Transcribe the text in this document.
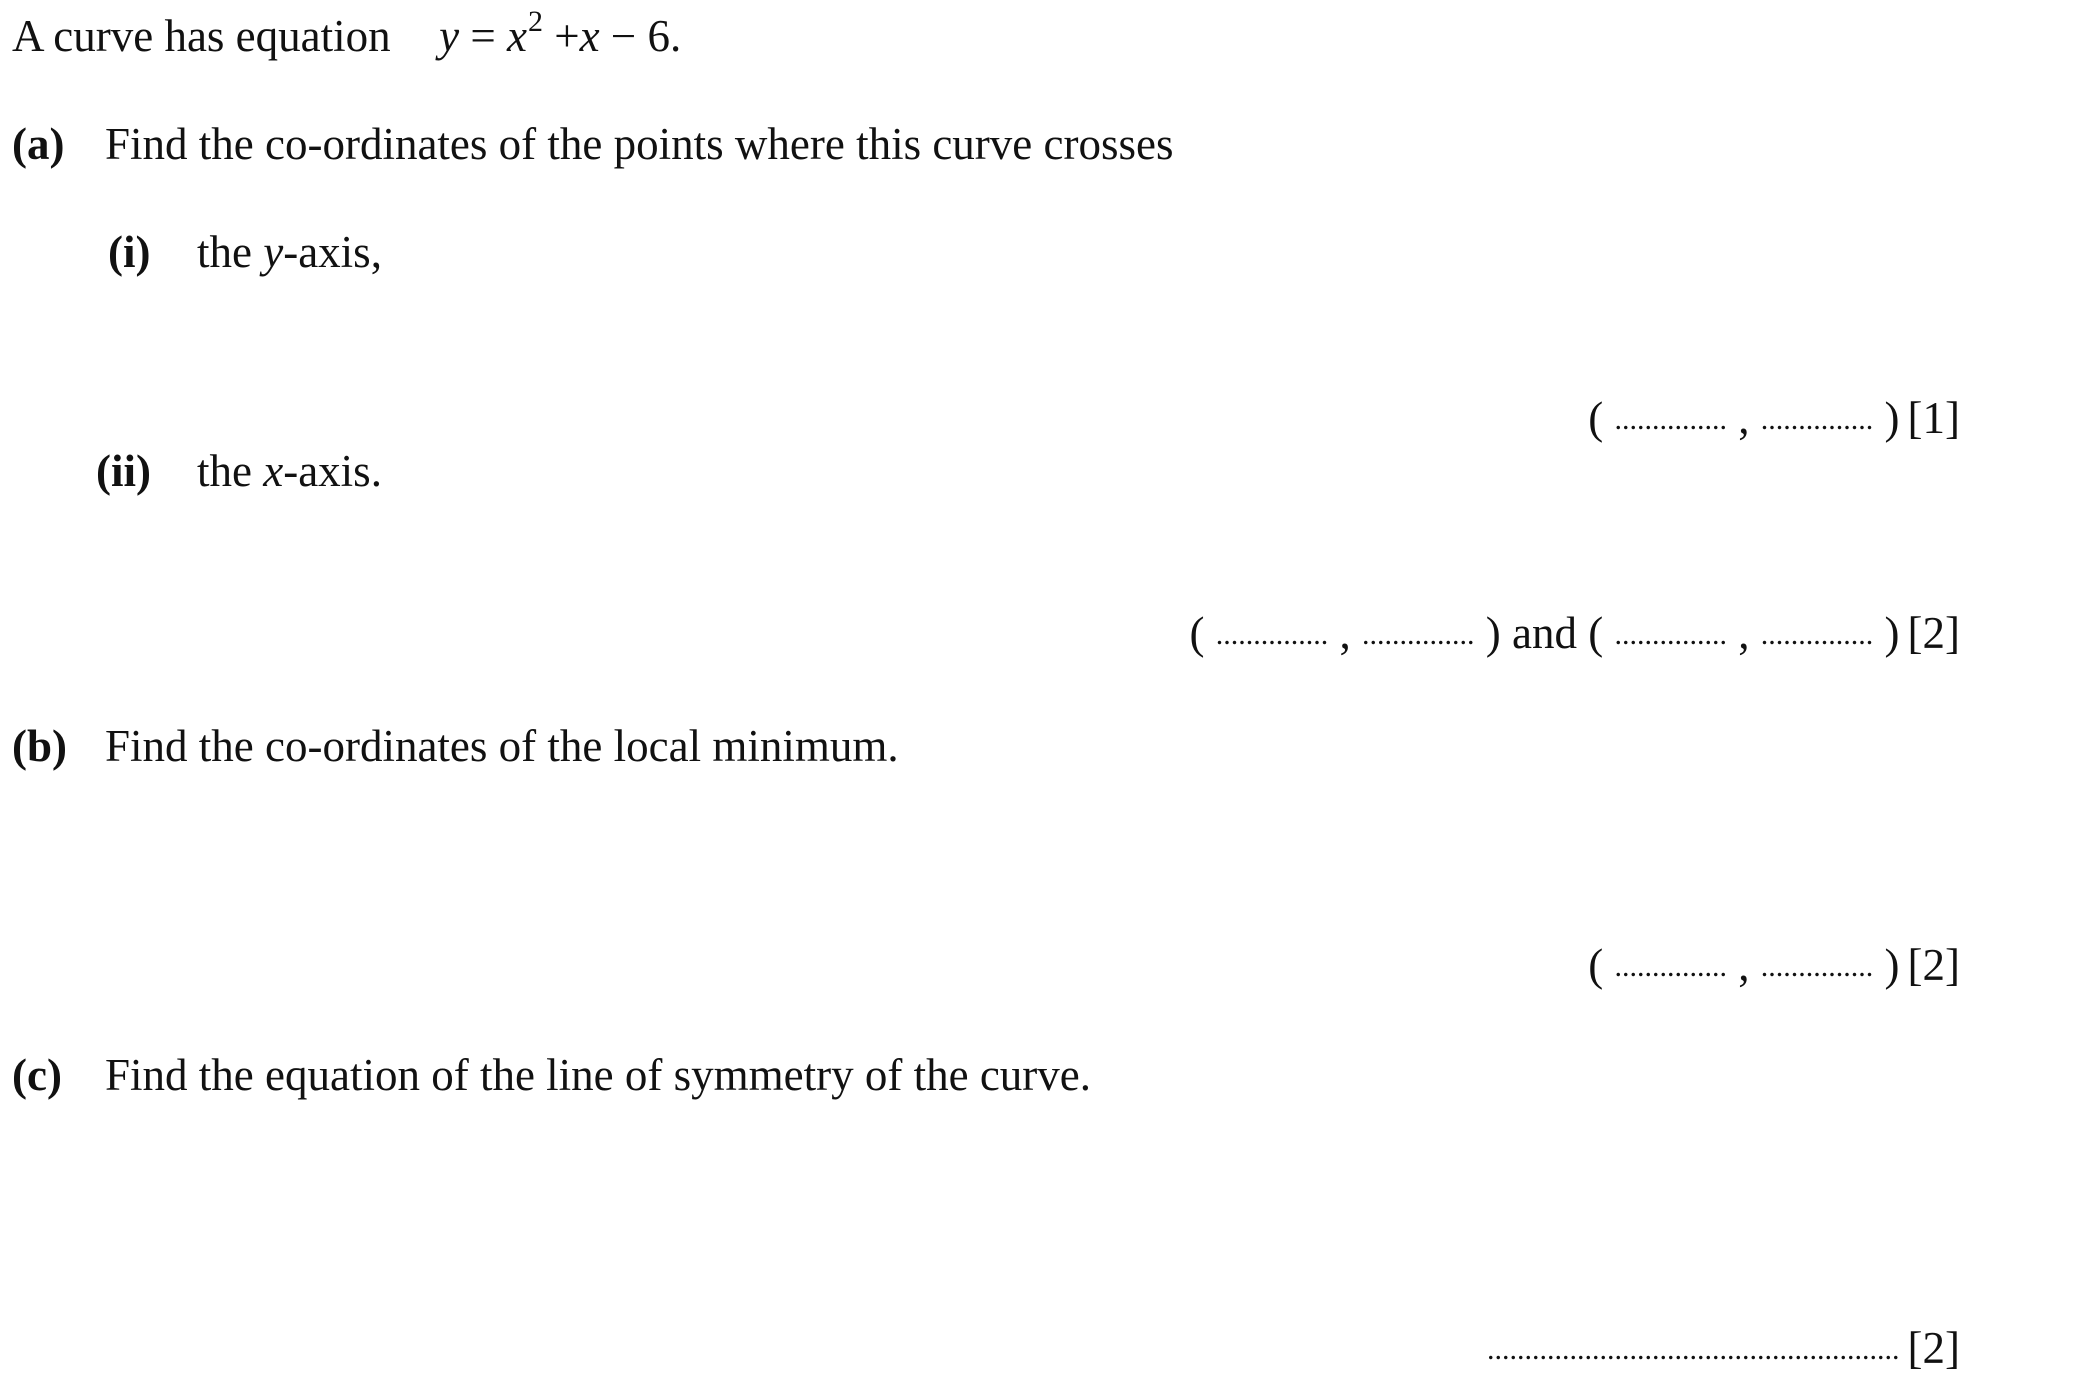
A curve has equation $y = x^2 +x - 6$.
(a) Find the co-ordinates of the points where this curve crosses
(i) the y-axis,
( ............... , ............... ) [1]
(ii) the x-axis.
( ............... , ............... ) and ( ............... , ............... ) [2]
(b) Find the co-ordinates of the local minimum.
( ............... , ............... ) [2]
(c) Find the equation of the line of symmetry of the curve.
....................................................... [2]
